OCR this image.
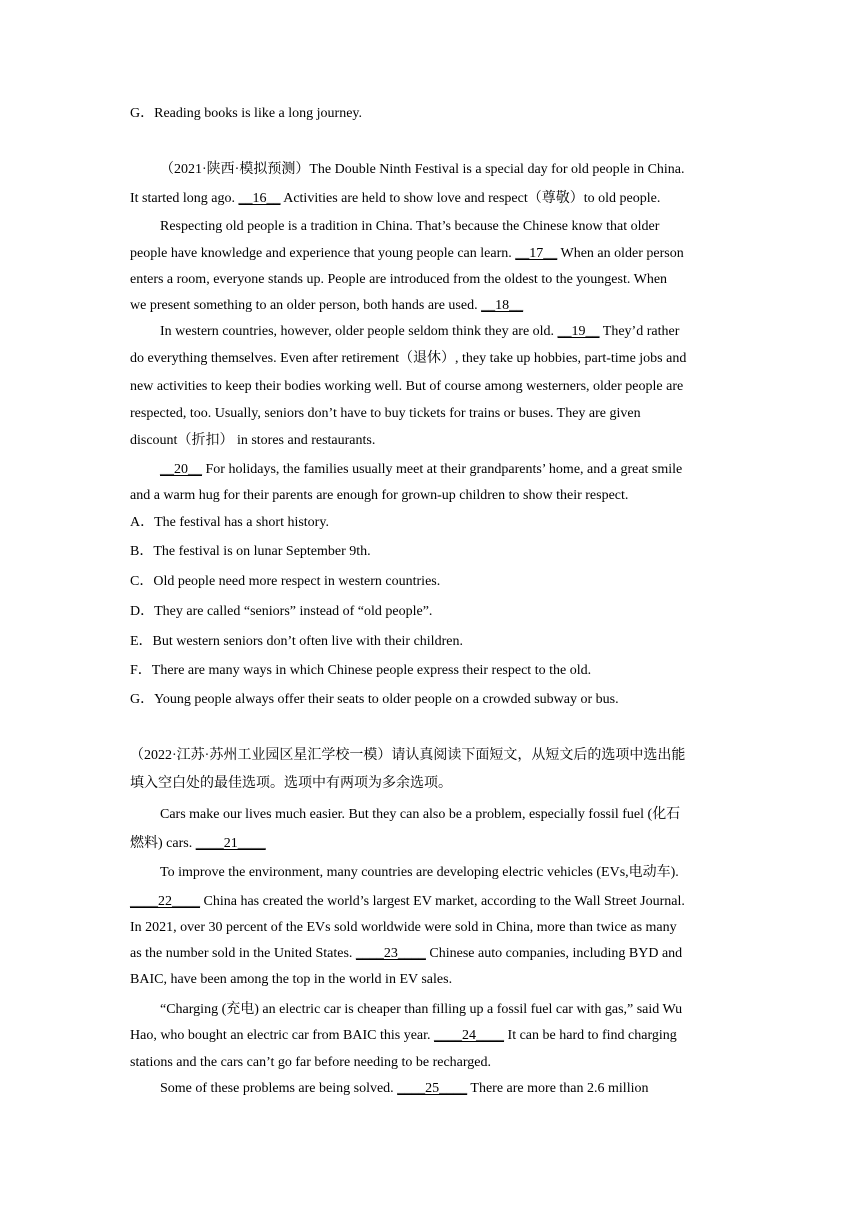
G．Reading books is like a long journey.
（2021·陕西·模拟预测）The Double Ninth Festival is a special day for old people in China.
It started long ago. __16__ Activities are held to show love and respect（尊敬）to old people.
Respecting old people is a tradition in China. That’s because the Chinese know that older
people have knowledge and experience that young people can learn. __17__ When an older person
enters a room, everyone stands up. People are introduced from the oldest to the youngest. When
we present something to an older person, both hands are used. __18__
In western countries, however, older people seldom think they are old. __19__ They’d rather
do everything themselves. Even after retirement（退休）, they take up hobbies, part-time jobs and
new activities to keep their bodies working well. But of course among westerners, older people are
respected, too. Usually, seniors don’t have to buy tickets for trains or buses. They are given
discount（折扣） in stores and restaurants.
__20__ For holidays, the families usually meet at their grandparents’ home, and a great smile
and a warm hug for their parents are enough for grown-up children to show their respect.
A．The festival has a short history.
B．The festival is on lunar September 9th.
C．Old people need more respect in western countries.
D．They are called “seniors” instead of “old people”.
E．But western seniors don’t often live with their children.
F．There are many ways in which Chinese people express their respect to the old.
G．Young people always offer their seats to older people on a crowded subway or bus.
（2022·江苏·苏州工业园区星汇学校一模）请认真阅读下面短文，从短文后的选项中选出能
填入空白处的最佳选项。选项中有两项为多余选项。
Cars make our lives much easier. But they can also be a problem, especially fossil fuel (化石
燃料) cars. ____21____
To improve the environment, many countries are developing electric vehicles (EVs,电动车).
____22____ China has created the world’s largest EV market, according to the Wall Street Journal.
In 2021, over 30 percent of the EVs sold worldwide were sold in China, more than twice as many
as the number sold in the United States. ____23____ Chinese auto companies, including BYD and
BAIC, have been among the top in the world in EV sales.
“Charging (充电) an electric car is cheaper than filling up a fossil fuel car with gas,” said Wu
Hao, who bought an electric car from BAIC this year. ____24____ It can be hard to find charging
stations and the cars can’t go far before needing to be recharged.
Some of these problems are being solved. ____25____ There are more than 2.6 million
